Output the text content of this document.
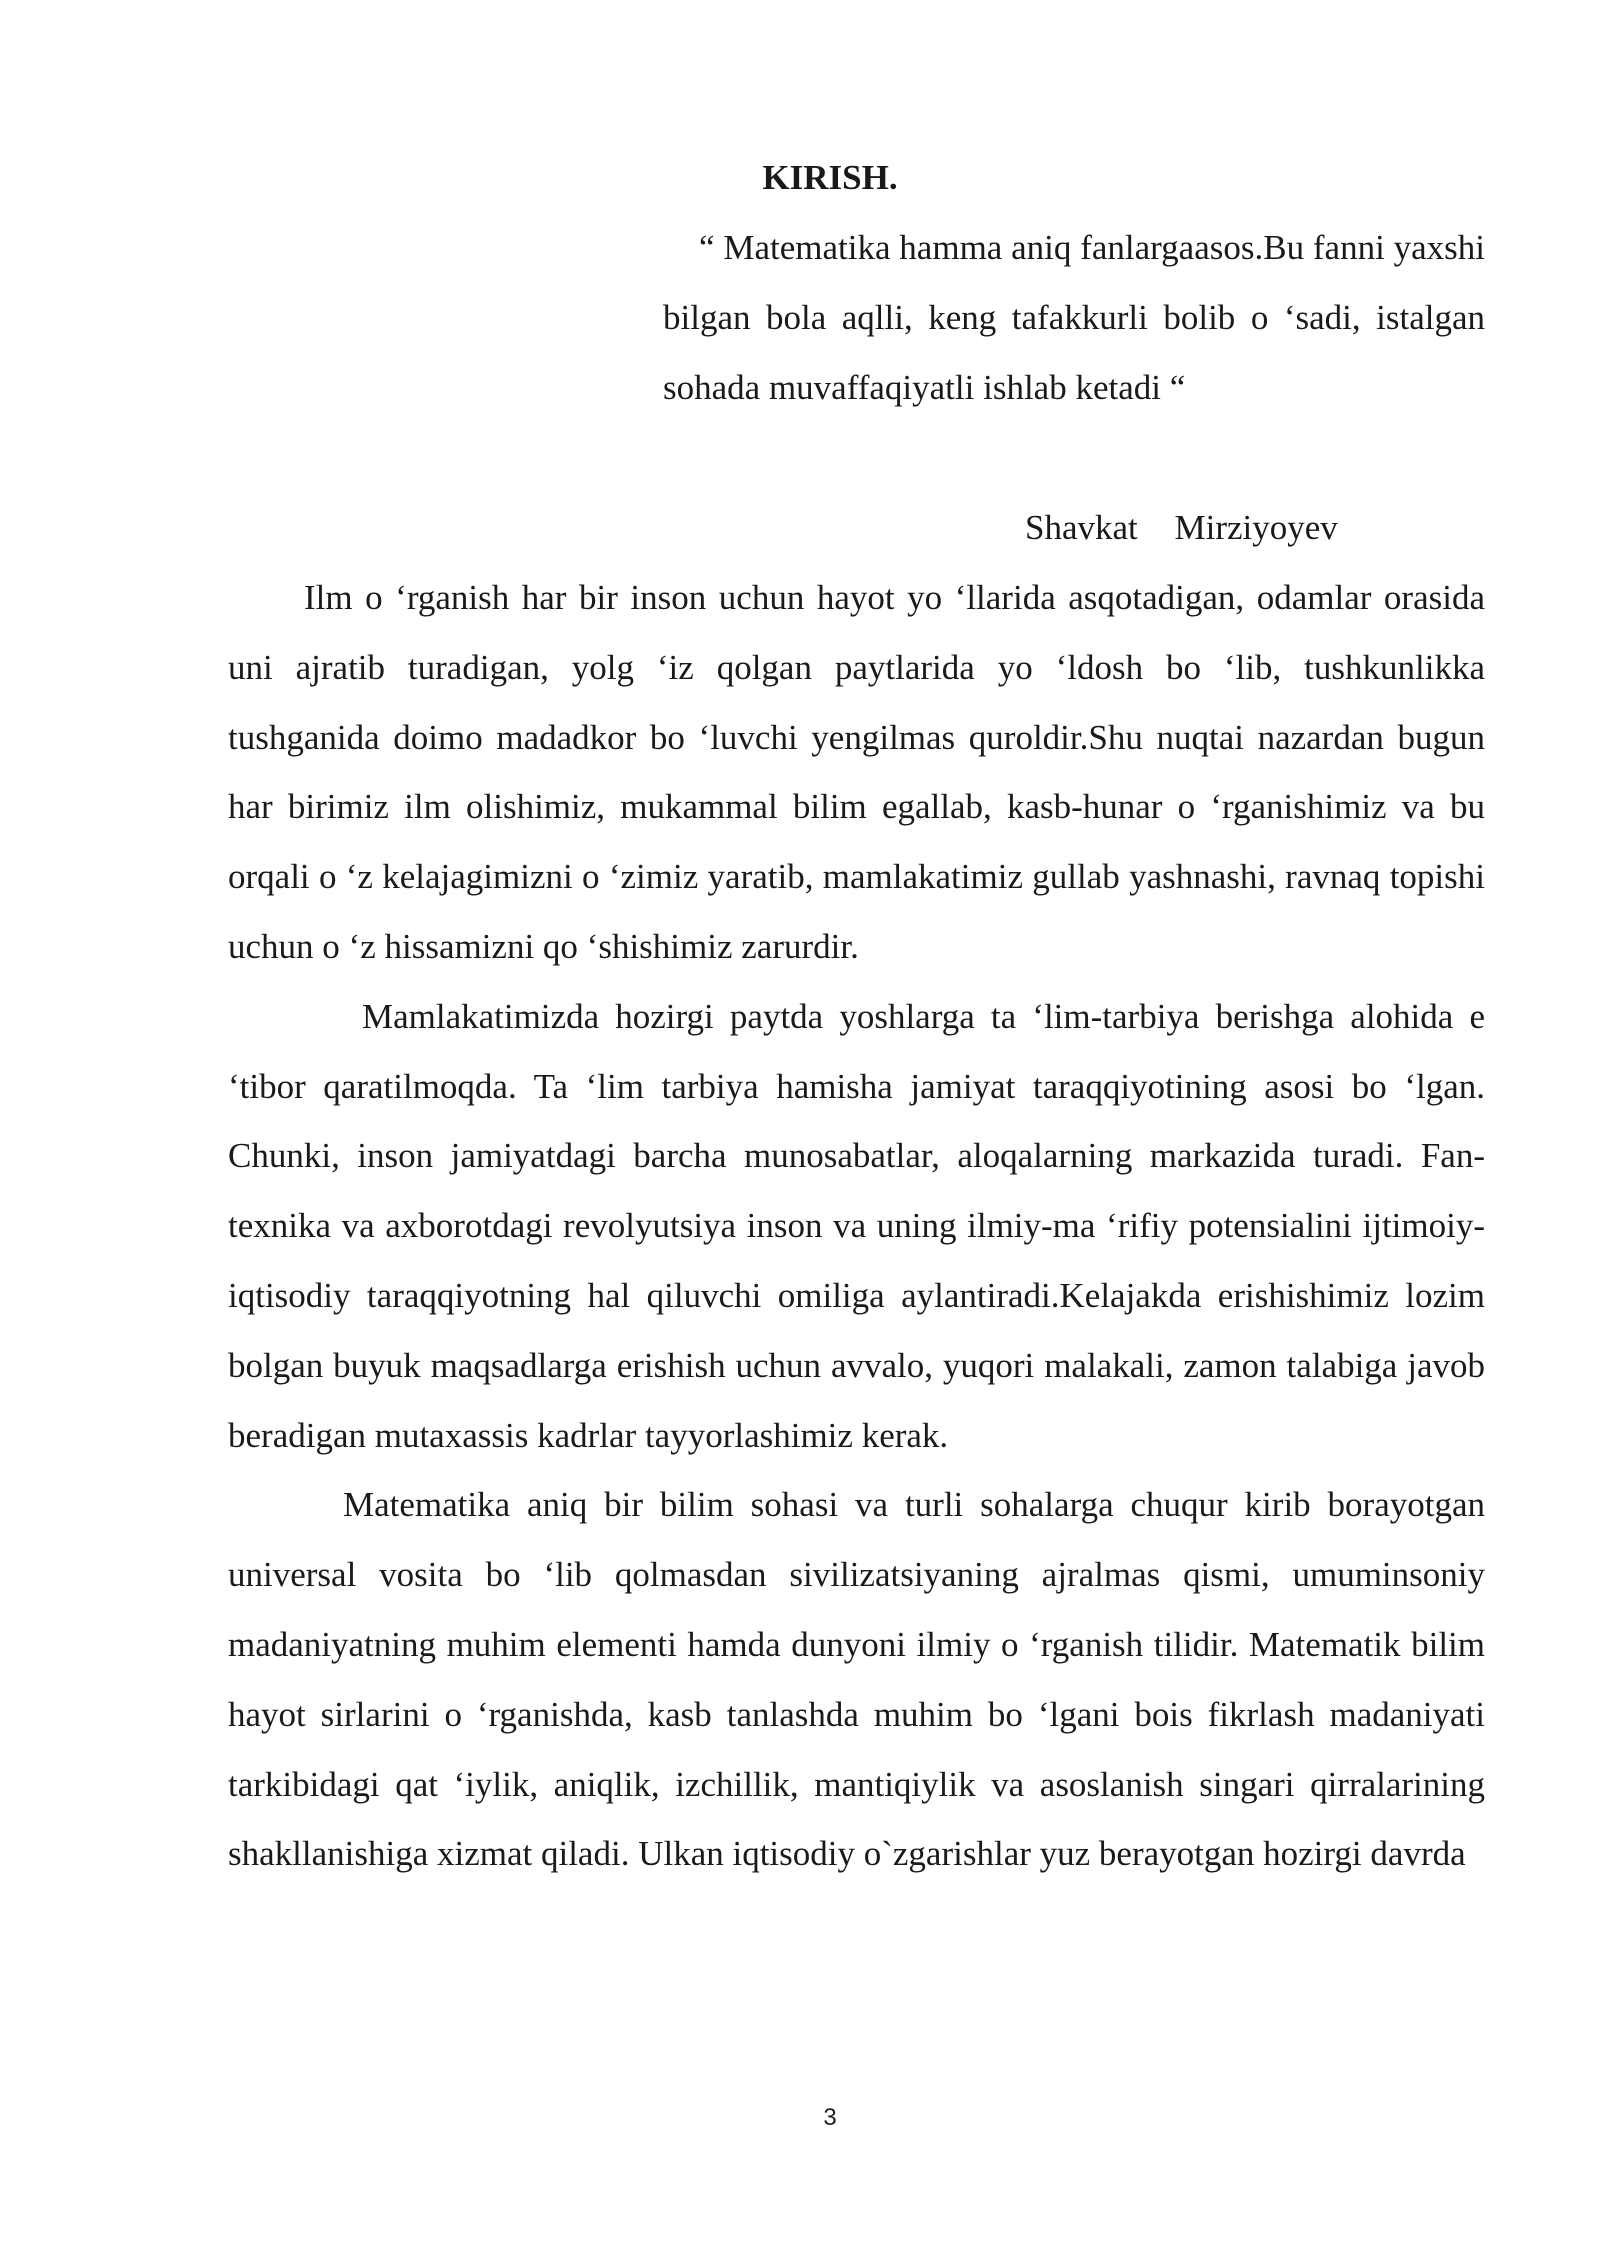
KIRISH.

“ Matematika hamma aniq fanlargaasos.Bu fanni yaxshi bilgan bola aqlli, keng tafakkurli bolib o ‘sadi, istalgan sohada muvaffaqiyatli ishlab ketadi “

Shavkat Mirziyoyev

Ilm o ‘rganish har bir inson uchun hayot yo ‘llarida asqotadigan, odamlar orasida uni ajratib turadigan, yolg ‘iz qolgan paytlarida yo ‘ldosh bo ‘lib, tushkunlikka tushganida doimo madadkor bo ‘luvchi yengilmas quroldir.Shu nuqtai nazardan bugun har birimiz ilm olishimiz, mukammal bilim egallab, kasb-hunar o ‘rganishimiz va bu orqali o ‘z kelajagimizni o ‘zimiz yaratib, mamlakatimiz gullab yashnashi, ravnaq topishi uchun o ‘z hissamizni qo ‘shishimiz zarurdir.

Mamlakatimizda hozirgi paytda yoshlarga ta ‘lim-tarbiya berishga alohida e ‘tibor qaratilmoqda. Ta ‘lim tarbiya hamisha jamiyat taraqqiyotining asosi bo ‘lgan. Chunki, inson jamiyatdagi barcha munosabatlar, aloqalarning markazida turadi. Fan-texnika va axborotdagi revolyutsiya inson va uning ilmiy-ma ‘rifiy potensialini ijtimoiy-iqtisodiy taraqqiyotning hal qiluvchi omiliga aylantiradi.Kelajakda erishishimiz lozim bolgan buyuk maqsadlarga erishish uchun avvalo, yuqori malakali, zamon talabiga javob beradigan mutaxassis kadrlar tayyorlashimiz kerak.

Matematika aniq bir bilim sohasi va turli sohalarga chuqur kirib borayotgan universal vosita bo ‘lib qolmasdan sivilizatsiyaning ajralmas qismi, umuminsoniy madaniyatning muhim elementi hamda dunyoni ilmiy o ‘rganish tilidir. Matematik bilim hayot sirlarini o ‘rganishda, kasb tanlashda muhim bo ‘lgani bois fikrlash madaniyati tarkibidagi qat ‘iylik, aniqlik, izchillik, mantiqiylik va asoslanish singari qirralarining shakllanishiga xizmat qiladi. Ulkan iqtisodiy o`zgarishlar yuz berayotgan hozirgi davrda

3
